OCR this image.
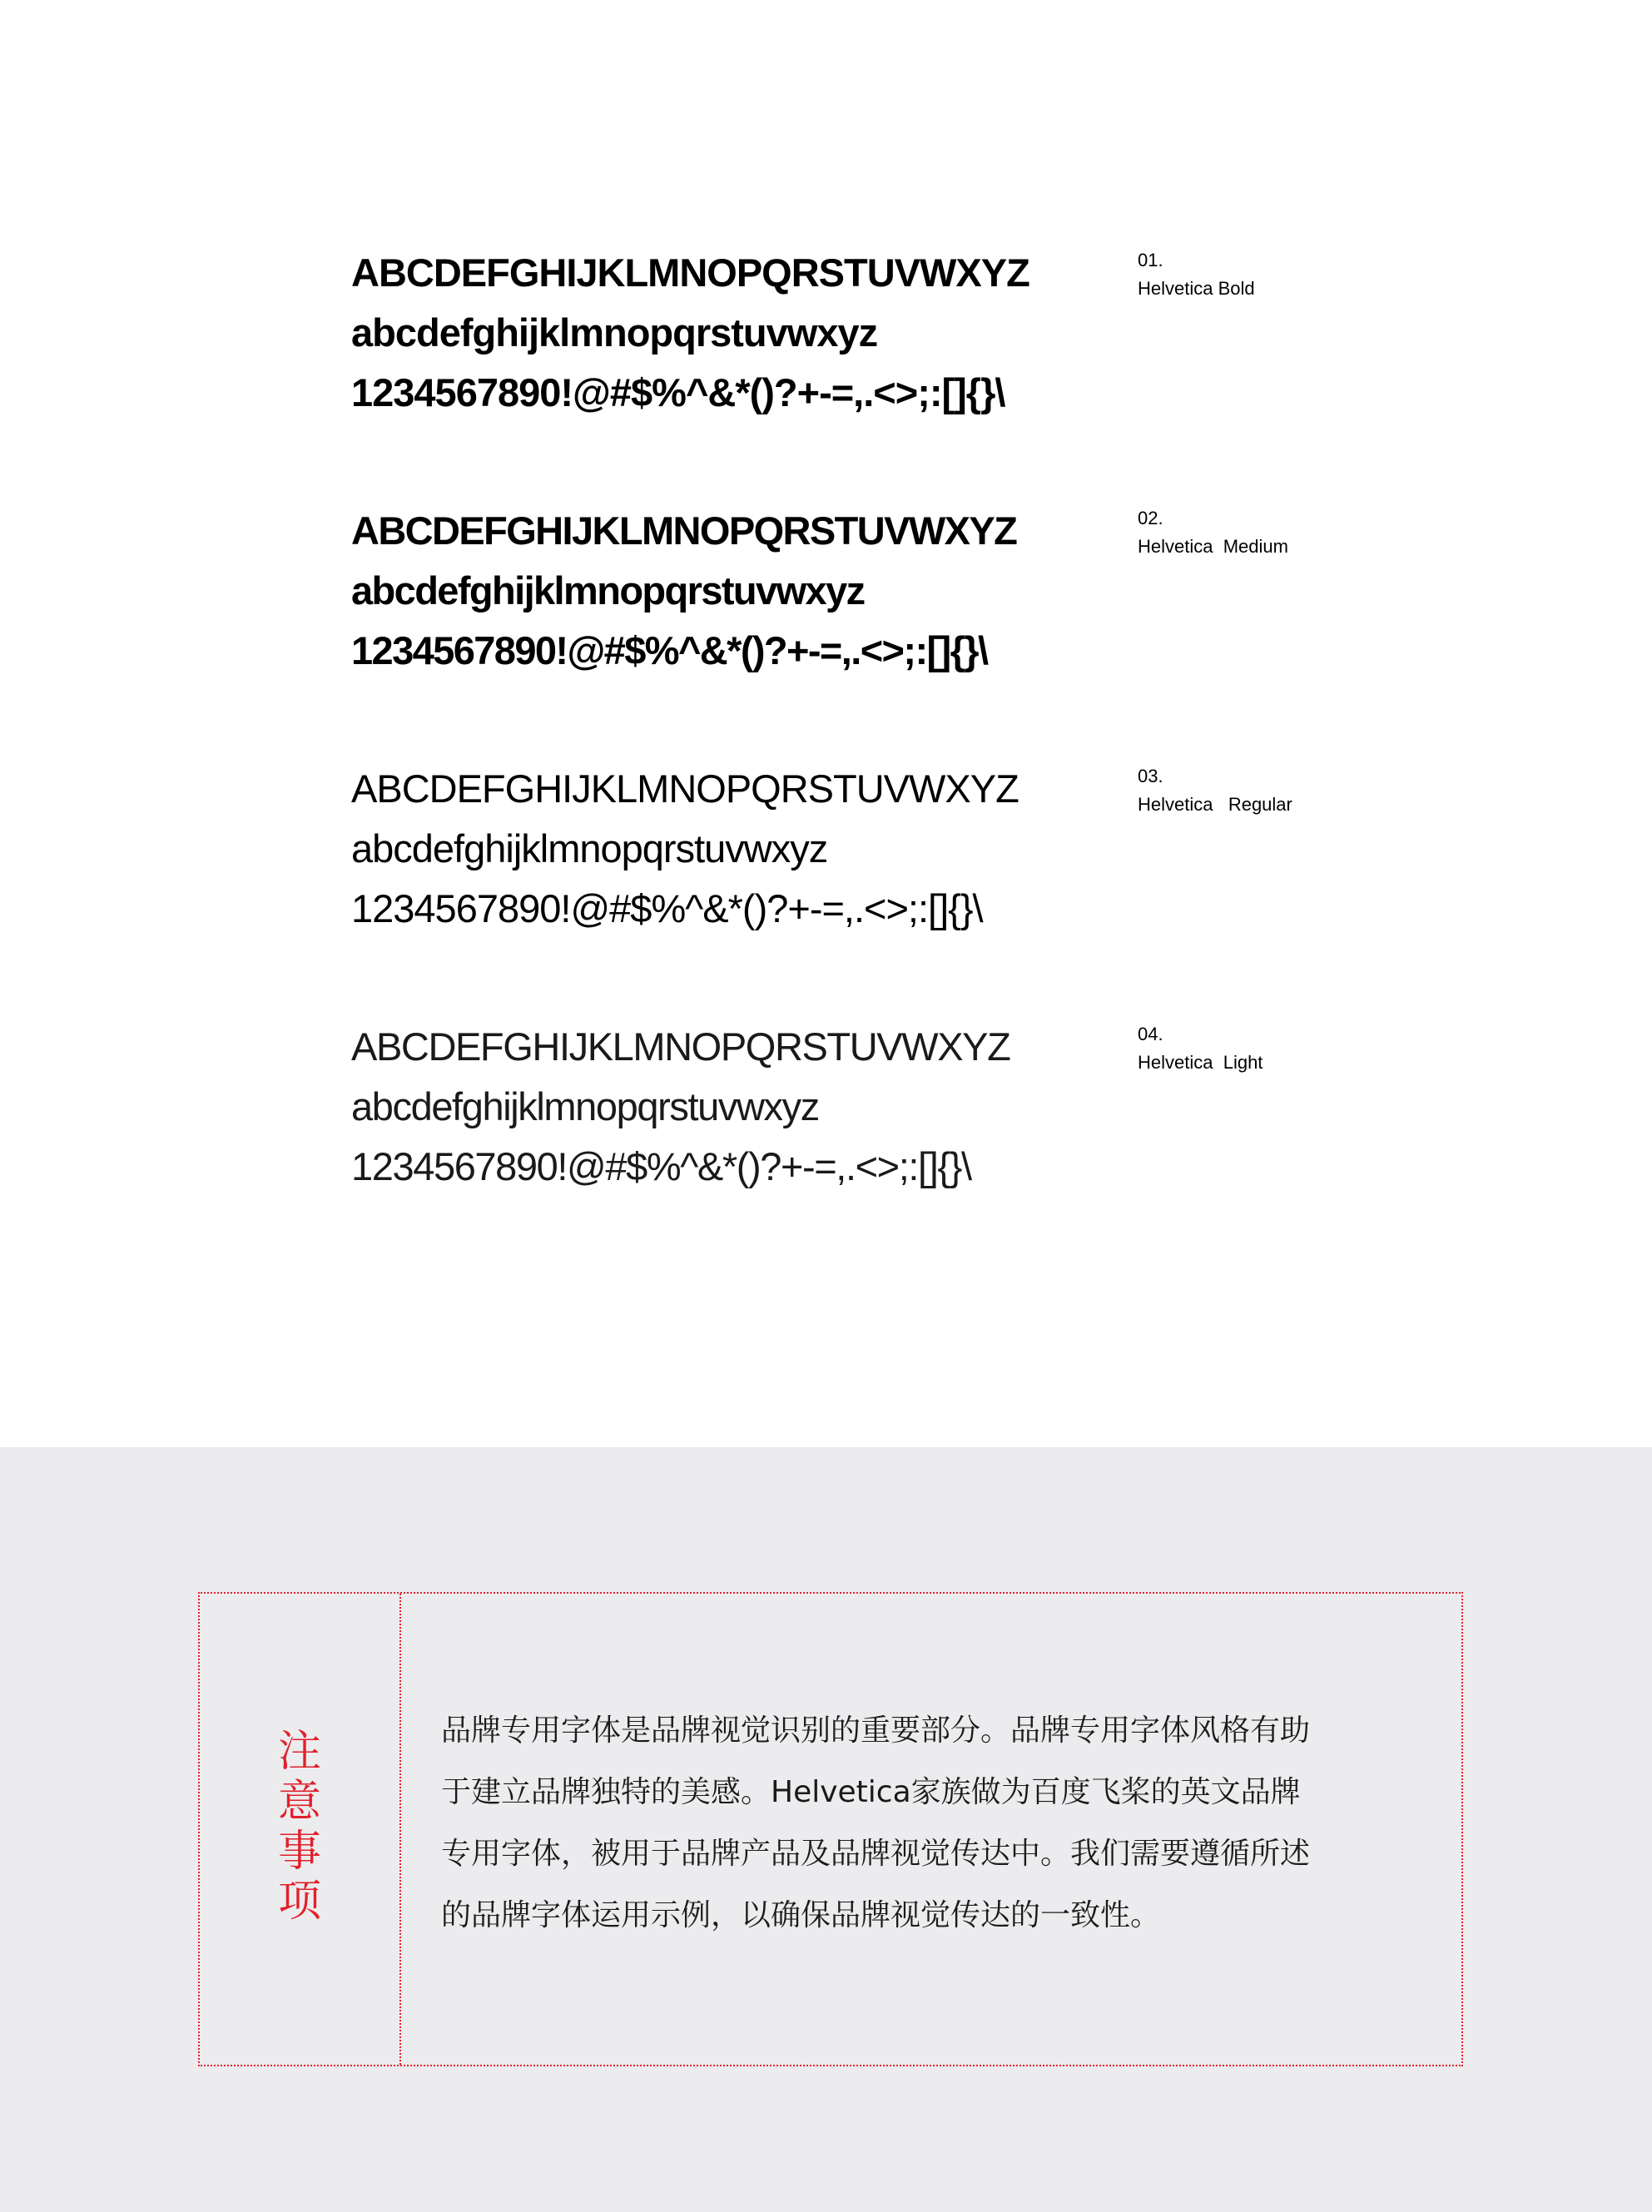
ABCDEFGHIJKLMNOPQRSTUVWXYZ
abcdefghijklmnopqrstuvwxyz
1234567890!@#$%^&*()?+-=,.<>;:[]{}\
01.
Helvetica Bold
ABCDEFGHIJKLMNOPQRSTUVWXYZ
abcdefghijklmnopqrstuvwxyz
1234567890!@#$%^&*()?+-=,.<>;:[]{}\
02.
Helvetica  Medium
ABCDEFGHIJKLMNOPQRSTUVWXYZ
abcdefghijklmnopqrstuvwxyz
1234567890!@#$%^&*()?+-=,.<>;:[]{}\
03.
Helvetica   Regular
ABCDEFGHIJKLMNOPQRSTUVWXYZ
abcdefghijklmnopqrstuvwxyz
1234567890!@#$%^&*()?+-=,.<>;:[]{}\
04.
Helvetica  Light
注
意
事
项
品牌专用字体是品牌视觉识别的重要部分。品牌专用字体风格有助
于建立品牌独特的美感。Helvetica家族做为百度飞桨的英文品牌
专用字体，被用于品牌产品及品牌视觉传达中。我们需要遵循所述
的品牌字体运用示例，以确保品牌视觉传达的一致性。
